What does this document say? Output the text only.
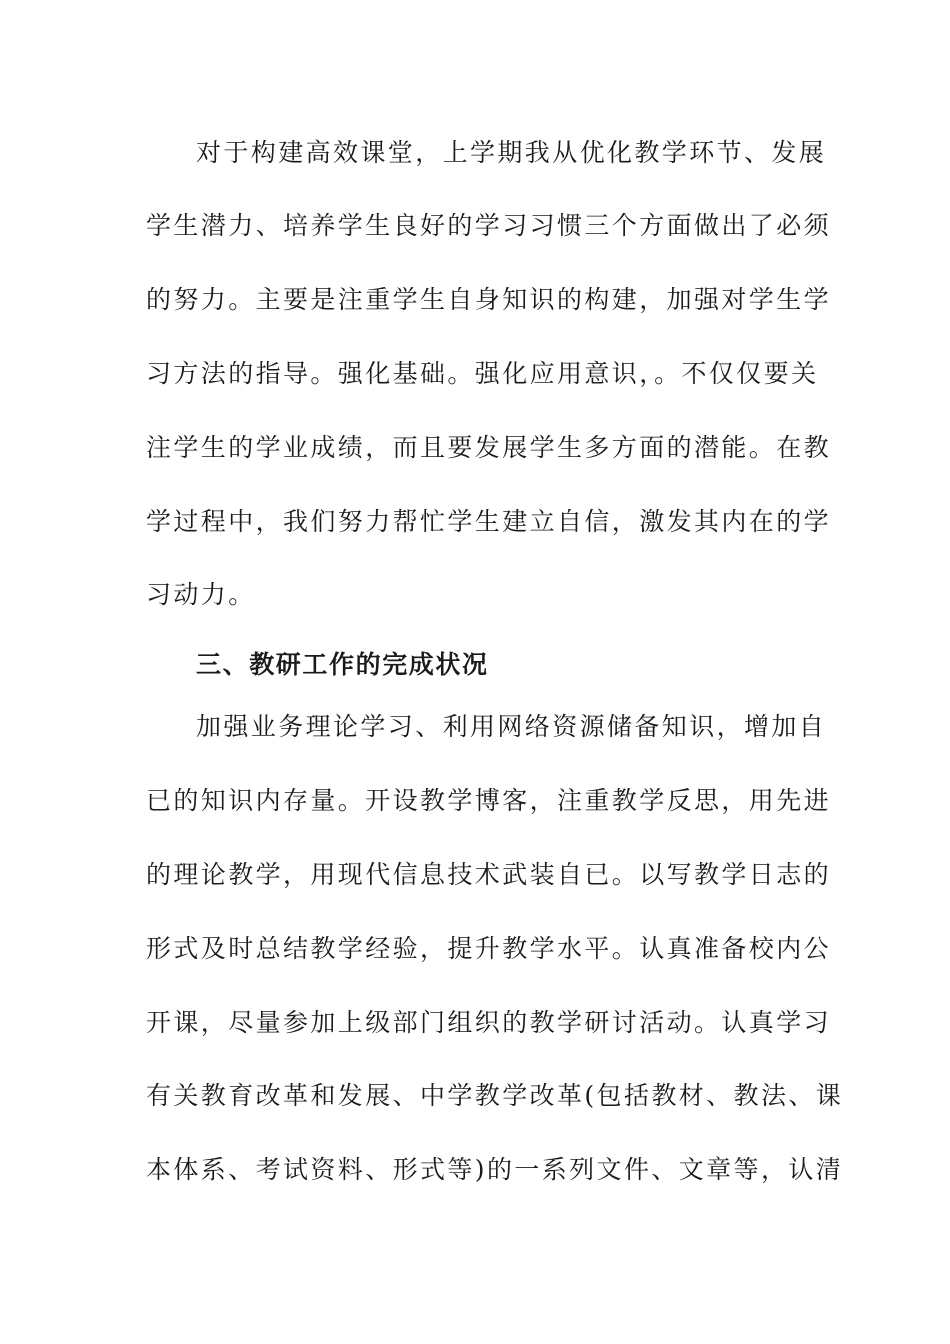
对于构建高效课堂，上学期我从优化教学环节、发展
学生潜力、培养学生良好的学习习惯三个方面做出了必须
的努力。主要是注重学生自身知识的构建，加强对学生学
习方法的指导。强化基础。强化应用意识，。不仅仅要关
注学生的学业成绩，而且要发展学生多方面的潜能。在教
学过程中，我们努力帮忙学生建立自信，激发其内在的学
习动力。
三、教研工作的完成状况
加强业务理论学习、利用网络资源储备知识，增加自
已的知识内存量。开设教学博客，注重教学反思，用先进
的理论教学，用现代信息技术武装自已。以写教学日志的
形式及时总结教学经验，提升教学水平。认真准备校内公
开课，尽量参加上级部门组织的教学研讨活动。认真学习
有关教育改革和发展、中学教学改革(包括教材、教法、课
本体系、考试资料、形式等)的一系列文件、文章等，认清
